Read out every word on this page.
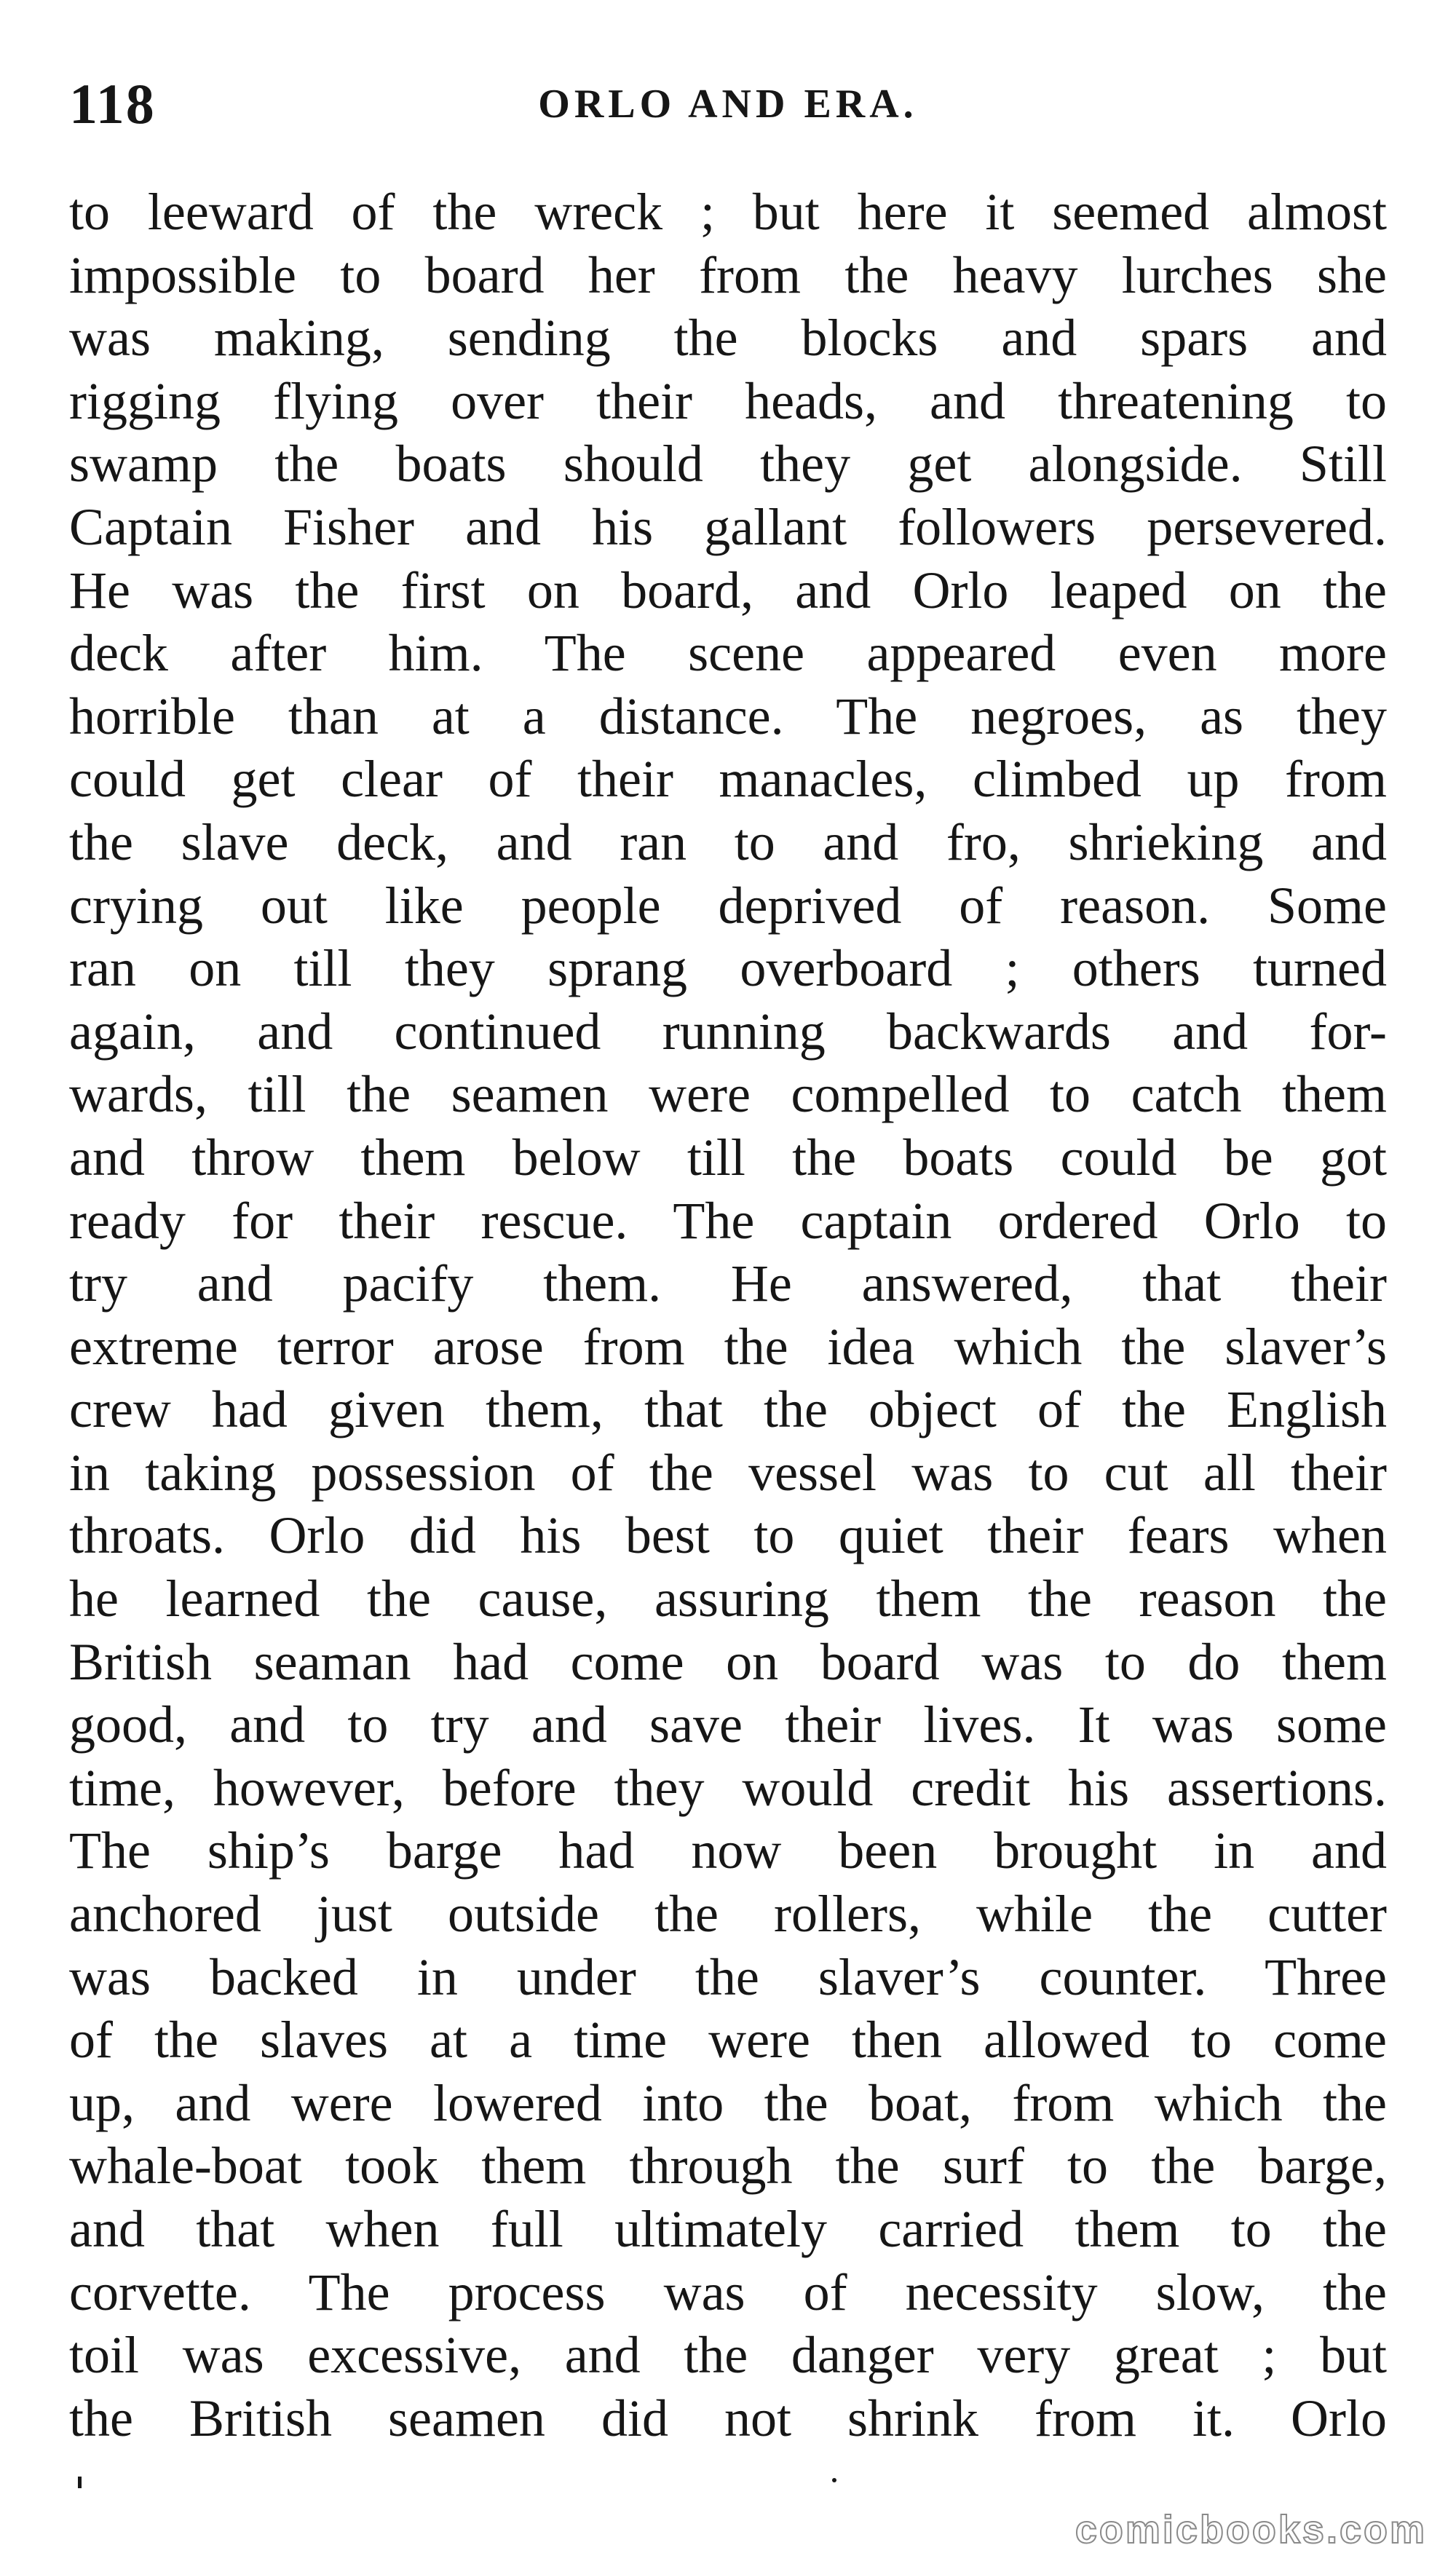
118	ORLO AND ERA.
to leeward of the wreck ; but here it seemed almost
impossible to board her from the heavy lurches she
was making, sending the blocks and spars and
rigging flying over their heads, and threatening to
swamp the boats should they get alongside. Still
Captain Fisher and his gallant followers persevered.
He was the first on board, and Orlo leaped on the
deck after him. The scene appeared even more
horrible than at a distance. The negroes, as they
could get clear of their manacles, climbed up from
the slave deck, and ran to and fro, shrieking and
crying out like people deprived of reason. Some
ran on till they sprang overboard ; others turned
again, and continued running backwards and for-
wards, till the seamen were compelled to catch them
and throw them below till the boats could be got
ready for their rescue. The captain ordered Orlo to
try and pacify them. He answered, that their
extreme terror arose from the idea which the slaver’s
crew had given them, that the object of the English
in taking possession of the vessel was to cut all their
throats. Orlo did his best to quiet their fears when
he learned the cause, assuring them the reason the
British seaman had come on board was to do them
good, and to try and save their lives. It was some
time, however, before they would credit his assertions.
The ship’s barge had now been brought in and
anchored just outside the rollers, while the cutter
was backed in under the slaver’s counter. Three
of the slaves at a time were then allowed to come
up, and were lowered into the boat, from which the
whale-boat took them through the surf to the barge,
and that when full ultimately carried them to the
corvette. The process was of necessity slow, the
toil was excessive, and the danger very great ; but
the British seamen did not shrink from it. Orlo
comicbooks.com
